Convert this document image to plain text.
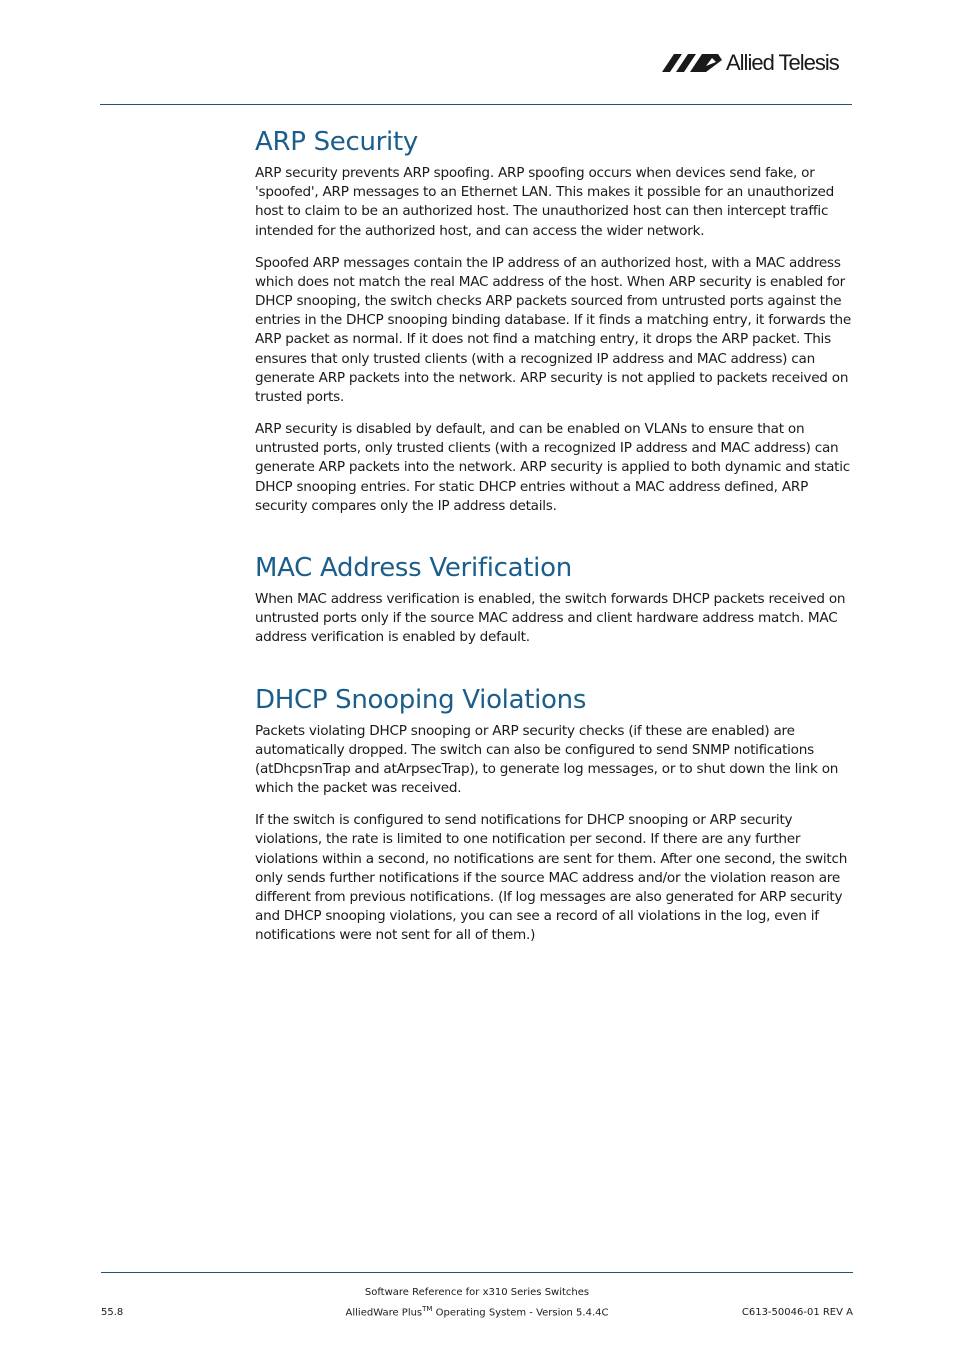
Allied Telesis
ARP Security

ARP security prevents ARP spoofing. ARP spoofing occurs when devices send fake, or 'spoofed', ARP messages to an Ethernet LAN. This makes it possible for an unauthorized host to claim to be an authorized host. The unauthorized host can then intercept traffic intended for the authorized host, and can access the wider network.

Spoofed ARP messages contain the IP address of an authorized host, with a MAC address which does not match the real MAC address of the host. When ARP security is enabled for DHCP snooping, the switch checks ARP packets sourced from untrusted ports against the entries in the DHCP snooping binding database. If it finds a matching entry, it forwards the ARP packet as normal. If it does not find a matching entry, it drops the ARP packet. This ensures that only trusted clients (with a recognized IP address and MAC address) can generate ARP packets into the network. ARP security is not applied to packets received on trusted ports.

ARP security is disabled by default, and can be enabled on VLANs to ensure that on untrusted ports, only trusted clients (with a recognized IP address and MAC address) can generate ARP packets into the network. ARP security is applied to both dynamic and static DHCP snooping entries. For static DHCP entries without a MAC address defined, ARP security compares only the IP address details.

MAC Address Verification

When MAC address verification is enabled, the switch forwards DHCP packets received on untrusted ports only if the source MAC address and client hardware address match. MAC address verification is enabled by default.

DHCP Snooping Violations

Packets violating DHCP snooping or ARP security checks (if these are enabled) are automatically dropped. The switch can also be configured to send SNMP notifications (atDhcpsnTrap and atArpsecTrap), to generate log messages, or to shut down the link on which the packet was received.

If the switch is configured to send notifications for DHCP snooping or ARP security violations, the rate is limited to one notification per second. If there are any further violations within a second, no notifications are sent for them. After one second, the switch only sends further notifications if the source MAC address and/or the violation reason are different from previous notifications. (If log messages are also generated for ARP security and DHCP snooping violations, you can see a record of all violations in the log, even if notifications were not sent for all of them.)

Software Reference for x310 Series Switches
AlliedWare Plus™ Operating System - Version 5.4.4C
55.8	C613-50046-01 REV A
